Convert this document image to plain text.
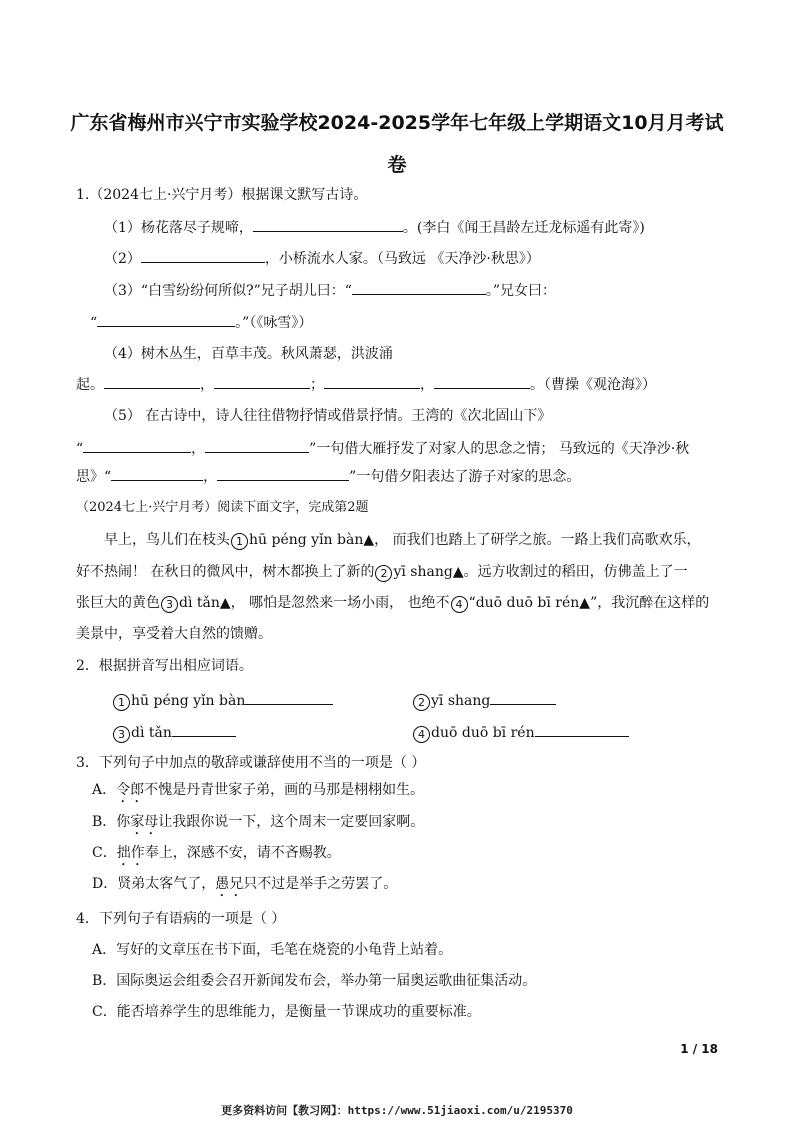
广东省梅州市兴宁市实验学校2024-2025学年七年级上学期语文10月月考试
卷
1.（2024七上·兴宁月考）根据课文默写古诗。
（1）杨花落尽子规啼，	。(李白《闻王昌龄左迁龙标遥有此寄》)
（2）	，小桥流水人家。（马致远 《天净沙·秋思》）
（3）“白雪纷纷何所似?”兄子胡儿曰：“	。”兄女曰：
“	。”（《咏雪》）
（4）树木丛生，百草丰茂。秋风萧瑟，洪波涌
起。	，	；	，	。（曹操《观沧海》）
（5） 在古诗中，诗人往往借物抒情或借景抒情。王湾的《次北固山下》
“	，	”一句借大雁抒发了对家人的思念之情； 马致远的《天净沙·秋
思》“	，	”一句借夕阳表达了游子对家的思念。
（2024七上·兴宁月考）阅读下面文字，完成第2题
早上，鸟儿们在枝头 1 hū péng yǐn bàn▲， 而我们也踏上了研学之旅。一路上我们高歌欢乐，
好不热闹！ 在秋日的微风中，树木都换上了新的 2 yī shang▲。远方收割过的稻田，仿佛盖上了一
张巨大的黄色 3 dì tǎn▲， 哪怕是忽然来一场小雨， 也绝不 4 “duō duō bī rén▲”，我沉醉在这样的
美景中，享受着大自然的馈赠。
2．根据拼音写出相应词语。
1 hū péng yǐn bàn	2 yī shang
3 dì tǎn	4 duō duō bī rén
3．下列句子中加点的敬辞或谦辞使用不当的一项是（ ）
A．令郎不愧是丹青世家子弟，画的马那是栩栩如生。
B．你家母让我跟你说一下，这个周末一定要回家啊。
C．拙作奉上，深感不安，请不吝赐教。
D．贤弟太客气了，愚兄只不过是举手之劳罢了。
4．下列句子有语病的一项是（ ）
A．写好的文章压在书下面，毛笔在烧瓷的小龟背上站着。
B．国际奥运会组委会召开新闻发布会，举办第一届奥运歌曲征集活动。
C．能否培养学生的思维能力，是衡量一节课成功的重要标准。
1 / 18
更多资料访问【教习网】：https://www.51jiaoxi.com/u/2195370
